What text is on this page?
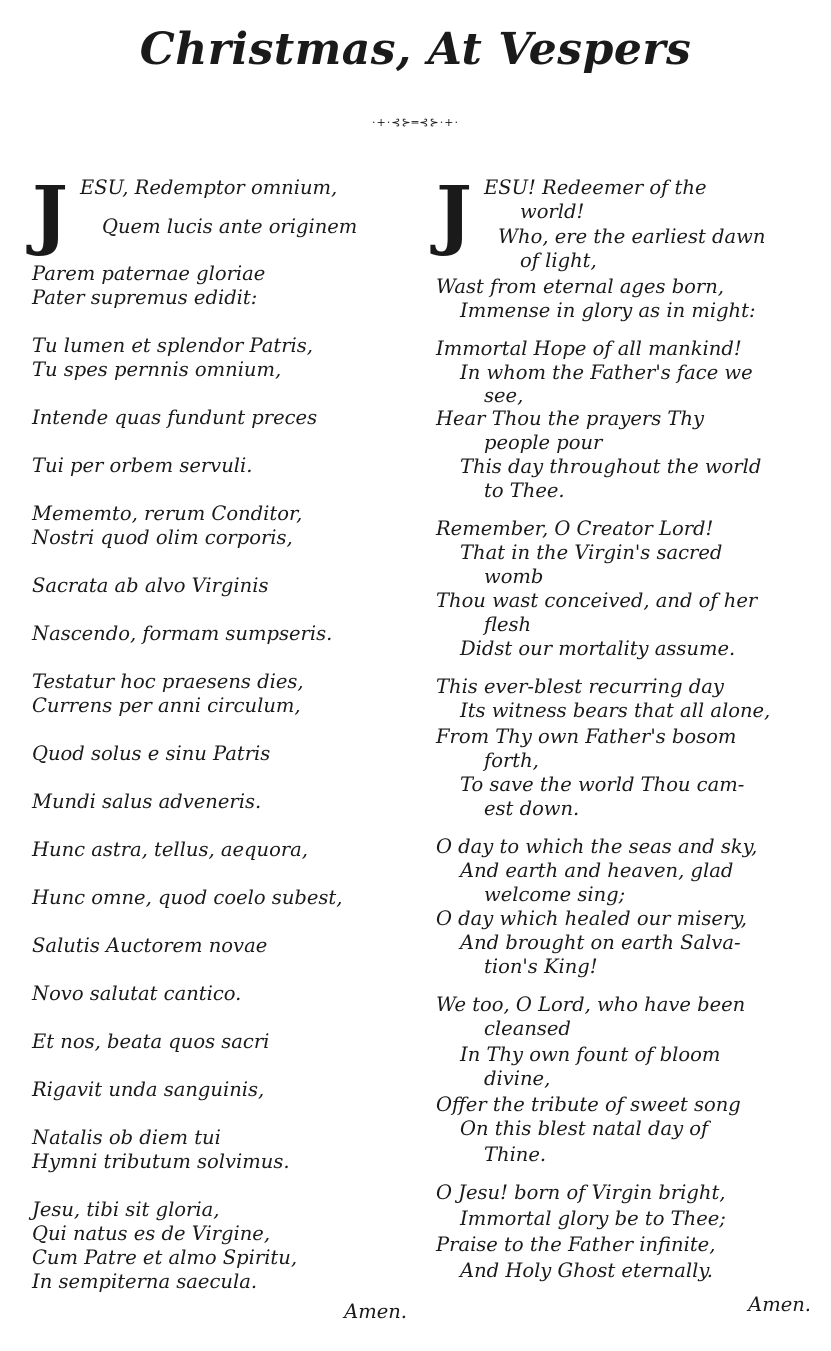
Christmas, At Vespers
·+·⊰⊱═⊰⊱·+·
J ESU, Redemptor omnium,
Quem lucis ante originem
Parem paternae gloriae
Pater supremus edidit:
Tu lumen et splendor Patris,
Tu spes pernnis omnium,
Intende quas fundunt preces
Tui per orbem servuli.
Mememto, rerum Conditor,
Nostri quod olim corporis,
Sacrata ab alvo Virginis
Nascendo, formam sumpseris.
Testatur hoc praesens dies,
Currens per anni circulum,
Quod solus e sinu Patris
Mundi salus adveneris.
Hunc astra, tellus, aequora,
Hunc omne, quod coelo subest,
Salutis Auctorem novae
Novo salutat cantico.
Et nos, beata quos sacri
Rigavit unda sanguinis,
Natalis ob diem tui
Hymni tributum solvimus.
Jesu, tibi sit gloria,
Qui natus es de Virgine,
Cum Patre et almo Spiritu,
In sempiterna saecula.
Amen.
J ESU! Redeemer of the
world!
Who, ere the earliest dawn
of light,
Wast from eternal ages born,
Immense in glory as in might:
Immortal Hope of all mankind!
In whom the Father's face we
see,
Hear Thou the prayers Thy
people pour
This day throughout the world
to Thee.
Remember, O Creator Lord!
That in the Virgin's sacred
womb
Thou wast conceived, and of her
flesh
Didst our mortality assume.
This ever-blest recurring day
Its witness bears that all alone,
From Thy own Father's bosom
forth,
To save the world Thou cam-
est down.
O day to which the seas and sky,
And earth and heaven, glad
welcome sing;
O day which healed our misery,
And brought on earth Salva-
tion's King!
We too, O Lord, who have been
cleansed
In Thy own fount of bloom
divine,
Offer the tribute of sweet song
On this blest natal day of
Thine.
O Jesu! born of Virgin bright,
Immortal glory be to Thee;
Praise to the Father infinite,
And Holy Ghost eternally.
Amen.
